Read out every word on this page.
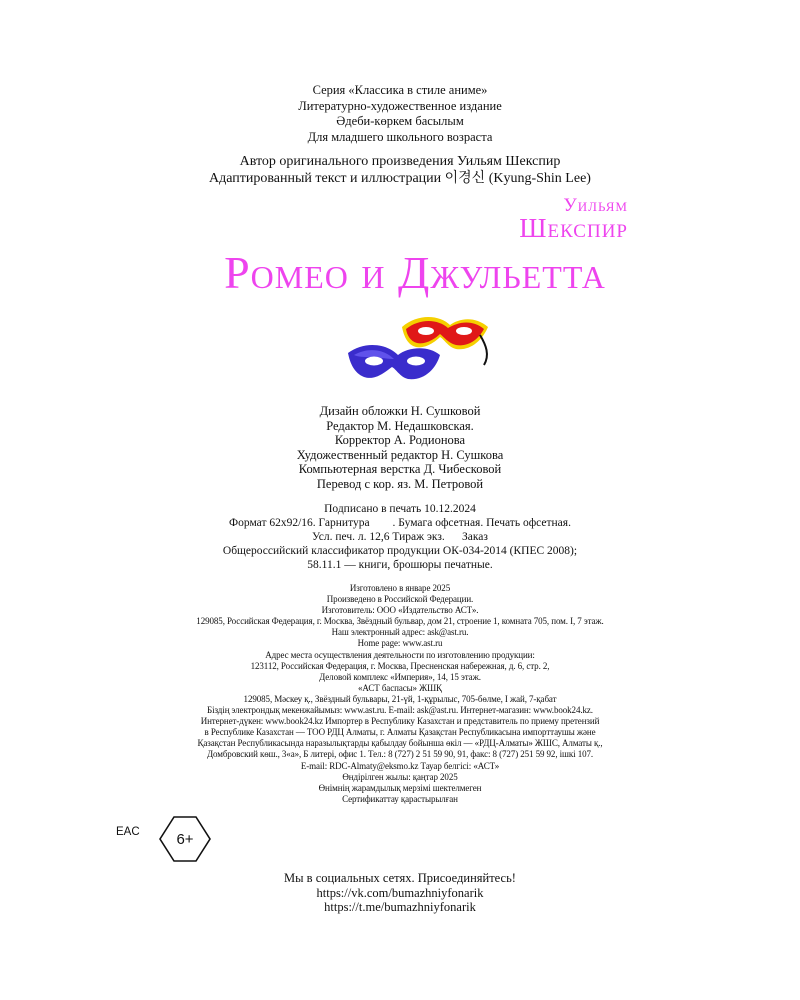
Серия «Классика в стиле аниме»
Литературно-художественное издание
Әдеби-көркем басылым
Для младшего школьного возраста
Автор оригинального произведения Уильям Шекспир
Адаптированный текст и иллюстрации 이경신 (Kyung-Shin Lee)
Уильям
Шекспир
Ромео и Джульетта
Дизайн обложки Н. Сушковой
Редактор М. Недашковская.
Корректор А. Родионова
Художественный редактор Н. Сушкова
Компьютерная верстка Д. Чибесковой
Перевод с кор. яз. М. Петровой
Подписано в печать 10.12.2024
Формат 62х92/16. Гарнитура        . Бумага офсетная. Печать офсетная.
Усл. печ. л. 12,6 Тираж экз.      Заказ
Общероссийский классификатор продукции ОК-034-2014 (КПЕС 2008);
58.11.1 — книги, брошюры печатные.
Изготовлено в январе 2025
Произведено в Российской Федерации.
Изготовитель: ООО «Издательство АСТ».
129085, Российская Федерация, г. Москва, Звёздный бульвар, дом 21, строение 1, комната 705, пом. I, 7 этаж.
Наш электронный адрес: ask@ast.ru.
Home page: www.ast.ru
Адрес места осуществления деятельности по изготовлению продукции:
123112, Российская Федерация, г. Москва, Пресненская набережная, д. 6, стр. 2,
Деловой комплекс «Империя», 14, 15 этаж.
«АСТ баспасы» ЖШҚ
129085, Мәскеу қ., Звёздный бульвары, 21-үй, 1-құрылыс, 705-бөлме, I жай, 7-қабат
Біздің электрондық мекенжайымыз: www.ast.ru. E-mail: ask@ast.ru. Интернет-магазин: www.book24.kz.
Интернет-дүкен: www.book24.kz Импортер в Республику Казахстан и представитель по приему претензий
в Республике Казахстан — ТОО РДЦ Алматы, г. Алматы Қазақстан Республикасына импорттаушы және
Қазақстан Республикасында наразылықтарды қабылдау бойынша өкіл — «РДЦ-Алматы» ЖШС, Алматы қ.,
Домбровский көш., 3«а», Б литері, офис 1. Тел.: 8 (727) 2 51 59 90, 91, факс: 8 (727) 251 59 92, ішкі 107.
E-mail: RDC-Almaty@eksmo.kz Тауар белгісі: «АСТ»
Өндірілген жылы: қаңтар 2025
Өнімнің жарамдылық мерзімі шектелмеген
Сертификаттау қарастырылған
EAC	6+
Мы в социальных сетях. Присоединяйтесь!
https://vk.com/bumazhniyfonarik
https://t.me/bumazhniyfonarik
